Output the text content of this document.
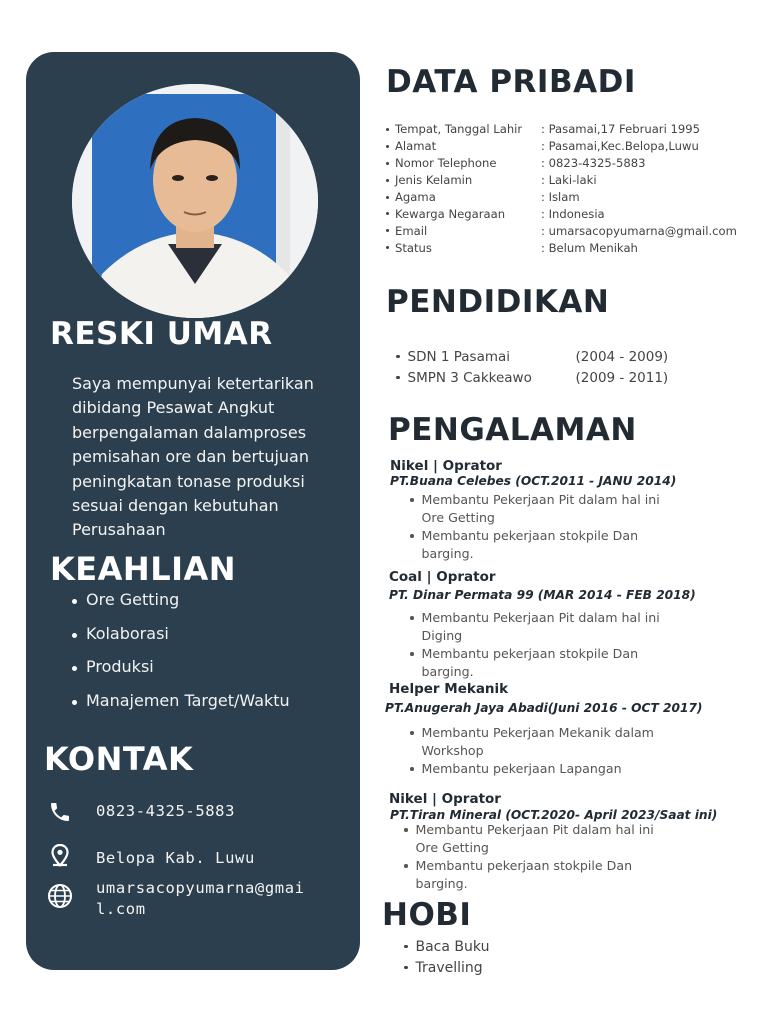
RESKI UMAR

Saya mempunyai ketertarikan dibidang Pesawat Angkut berpengalaman dalamproses pemisahan ore dan bertujuan peningkatan tonase produksi sesuai dengan kebutuhan Perusahaan

KEAHLIAN
Ore Getting
Kolaborasi
Produksi
Manajemen Target/Waktu
KONTAK
0823-4325-5883
Belopa Kab. Luwu
umarsacopyumarna@gmai
l.com
DATA PRIBADI
Tempat, Tanggal Lahir	: Pasamai,17 Februari 1995
Alamat	: Pasamai,Kec.Belopa,Luwu
Nomor Telephone	: 0823-4325-5883
Jenis Kelamin	: Laki-laki
Agama	: Islam
Kewarga Negaraan	: Indonesia
Email	: umarsacopyumarna@gmail.com
Status	: Belum Menikah
PENDIDIKAN
SDN 1 Pasamai	(2004 - 2009)
SMPN 3 Cakkeawo	(2009 - 2011)
PENGALAMAN
Nikel | Oprator
PT.Buana Celebes (OCT.2011 - JANU 2014)
Membantu Pekerjaan Pit dalam hal ini
Ore Getting
Membantu pekerjaan stokpile Dan
barging.
Coal | Oprator
PT. Dinar Permata 99 (MAR 2014 - FEB 2018)
Membantu Pekerjaan Pit dalam hal ini
Diging
Membantu pekerjaan stokpile Dan
barging.
Helper Mekanik
PT.Anugerah Jaya Abadi(Juni 2016 - OCT 2017)
Membantu Pekerjaan Mekanik dalam
Workshop
Membantu pekerjaan Lapangan
Nikel | Oprator
PT.Tiran Mineral (OCT.2020- April 2023/Saat ini)
Membantu Pekerjaan Pit dalam hal ini
Ore Getting
Membantu pekerjaan stokpile Dan
barging.
HOBI
Baca Buku
Travelling
